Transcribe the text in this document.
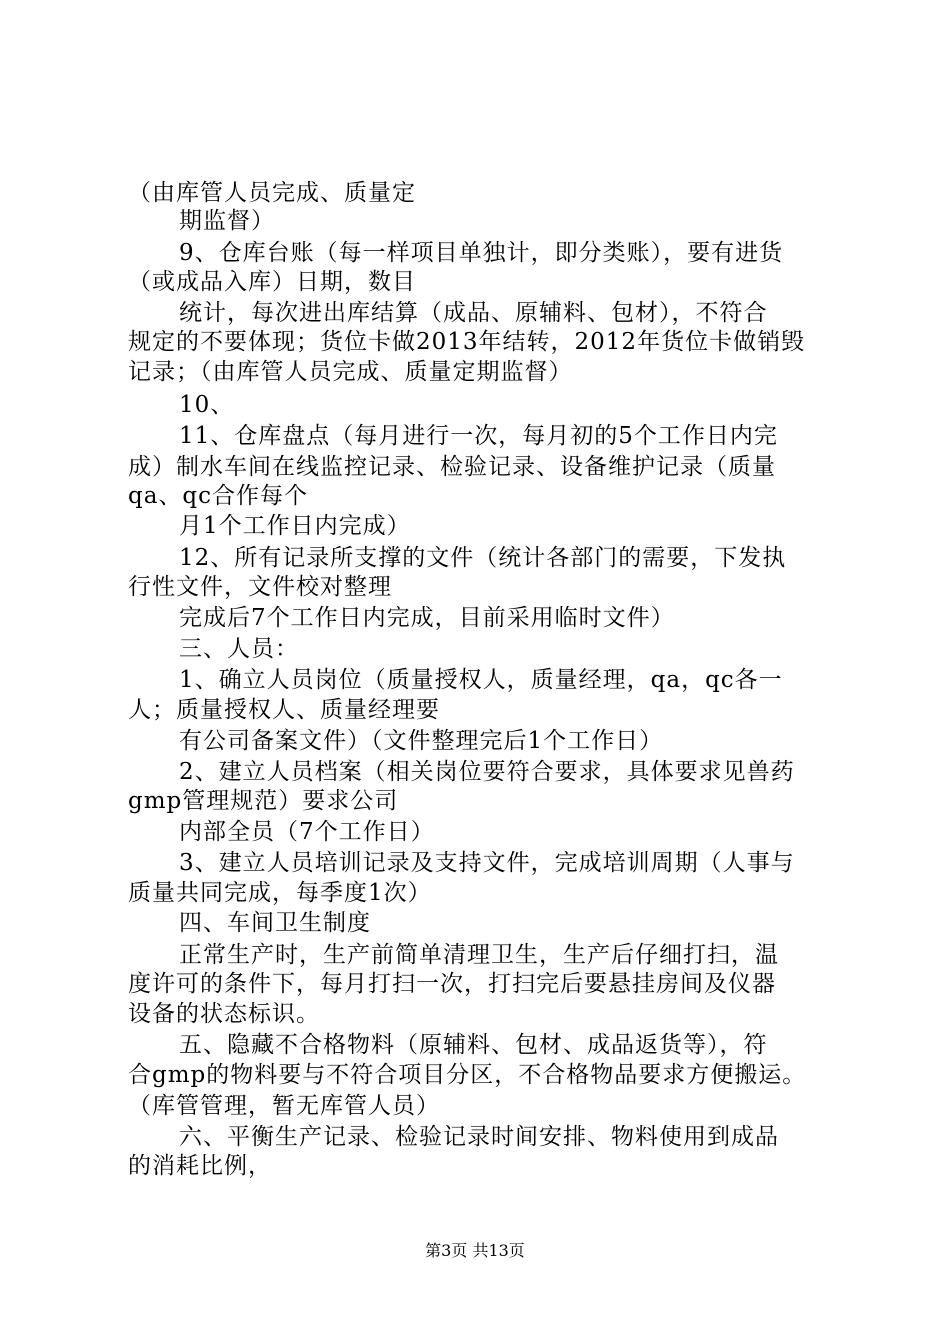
（由库管人员完成、质量定
期监督）
9、仓库台账（每一样项目单独计，即分类账），要有进货
（或成品入库）日期，数目
统计，每次进出库结算（成品、原辅料、包材），不符合
规定的不要体现；货位卡做2013年结转，2012年货位卡做销毁
记录；（由库管人员完成、质量定期监督）
10、
11、仓库盘点（每月进行一次，每月初的5个工作日内完
成）制水车间在线监控记录、检验记录、设备维护记录（质量
qa、qc合作每个
月1个工作日内完成）
12、所有记录所支撑的文件（统计各部门的需要，下发执
行性文件，文件校对整理
完成后7个工作日内完成，目前采用临时文件）
三、人员：
1、确立人员岗位（质量授权人，质量经理，qa，qc各一
人；质量授权人、质量经理要
有公司备案文件）（文件整理完后1个工作日）
2、建立人员档案（相关岗位要符合要求，具体要求见兽药
gmp管理规范）要求公司
内部全员（7个工作日）
3、建立人员培训记录及支持文件，完成培训周期（人事与
质量共同完成，每季度1次）
四、车间卫生制度
正常生产时，生产前简单清理卫生，生产后仔细打扫，温
度许可的条件下，每月打扫一次，打扫完后要悬挂房间及仪器
设备的状态标识。
五、隐藏不合格物料（原辅料、包材、成品返货等），符
合gmp的物料要与不符合项目分区，不合格物品要求方便搬运。
（库管管理，暂无库管人员）
六、平衡生产记录、检验记录时间安排、物料使用到成品
的消耗比例，
第3页 共13页
